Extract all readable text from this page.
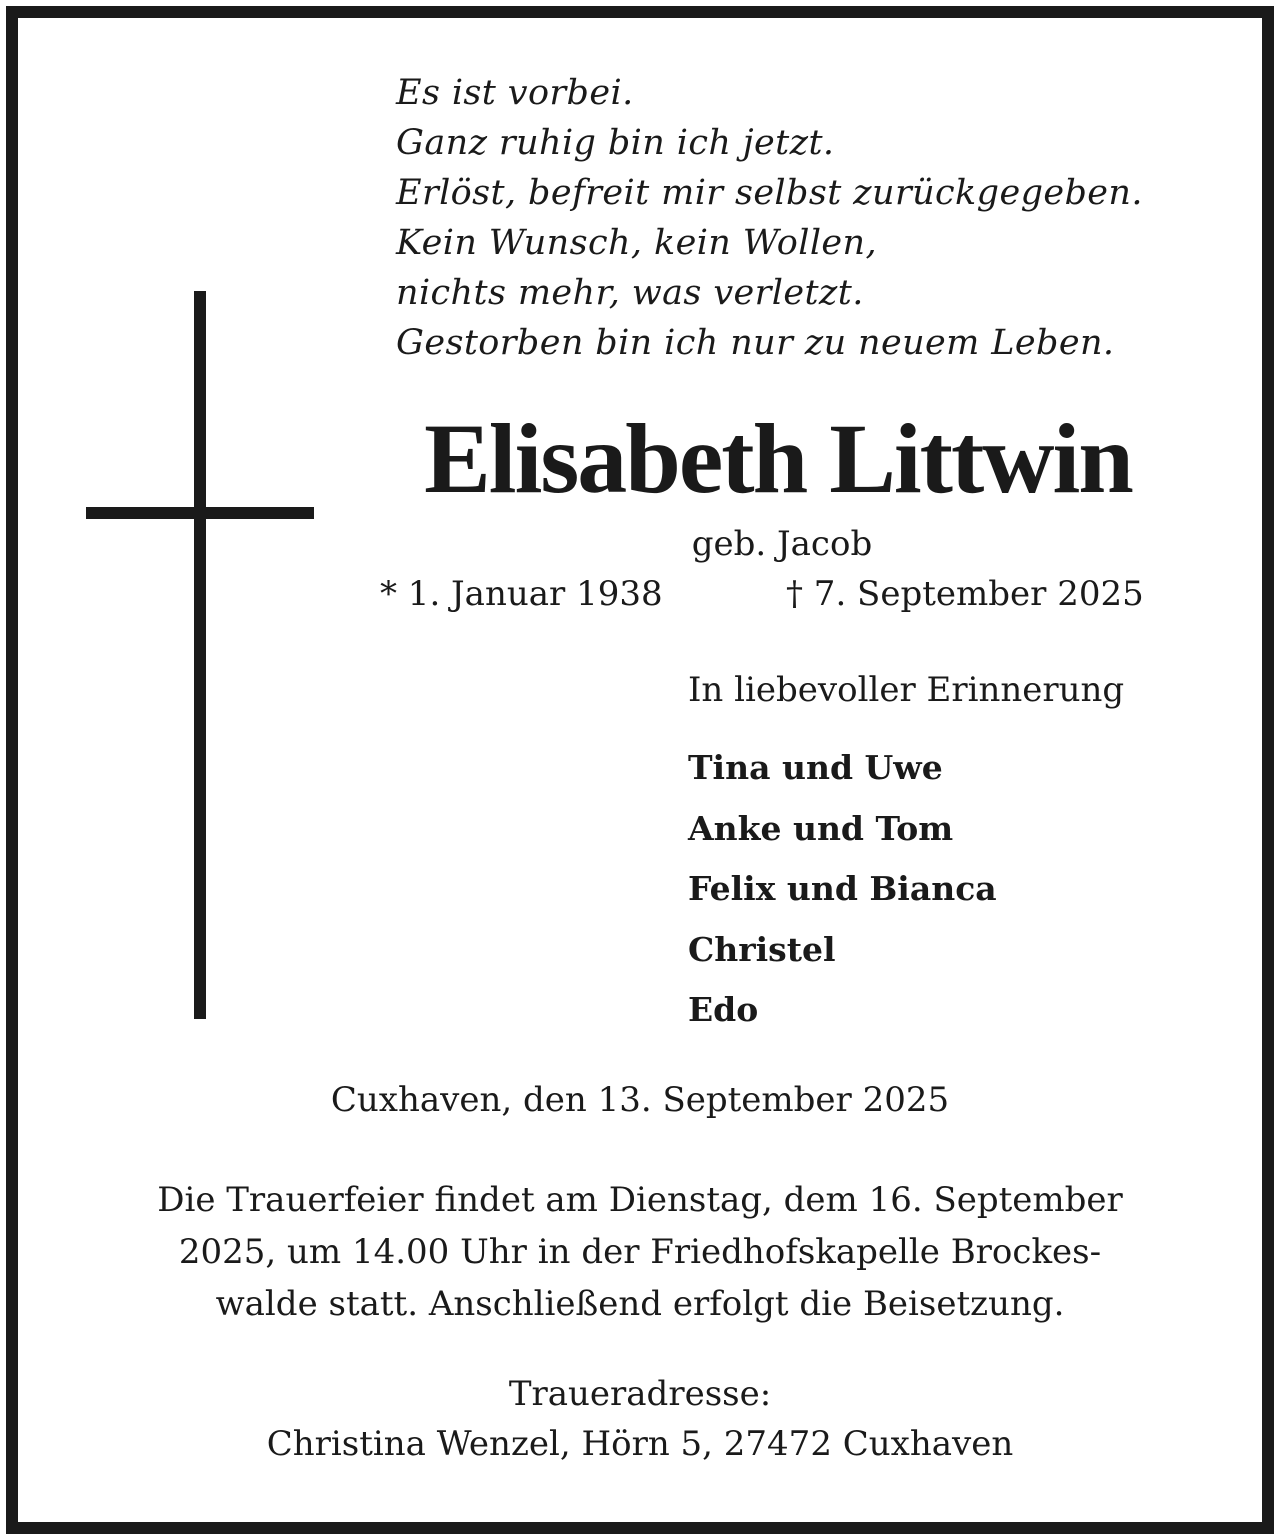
Es ist vorbei.
Ganz ruhig bin ich jetzt.
Erlöst, befreit mir selbst zurückgegeben.
Kein Wunsch, kein Wollen,
nichts mehr, was verletzt.
Gestorben bin ich nur zu neuem Leben.
Elisabeth Littwin
geb. Jacob
* 1. Januar 1938	† 7. September 2025
In liebevoller Erinnerung
Tina und Uwe
Anke und Tom
Felix und Bianca
Christel
Edo
Cuxhaven, den 13. September 2025
Die Trauerfeier findet am Dienstag, dem 16. September
2025, um 14.00 Uhr in der Friedhofskapelle Brockes-
walde statt. Anschließend erfolgt die Beisetzung.
Traueradresse:
Christina Wenzel, Hörn 5, 27472 Cuxhaven
